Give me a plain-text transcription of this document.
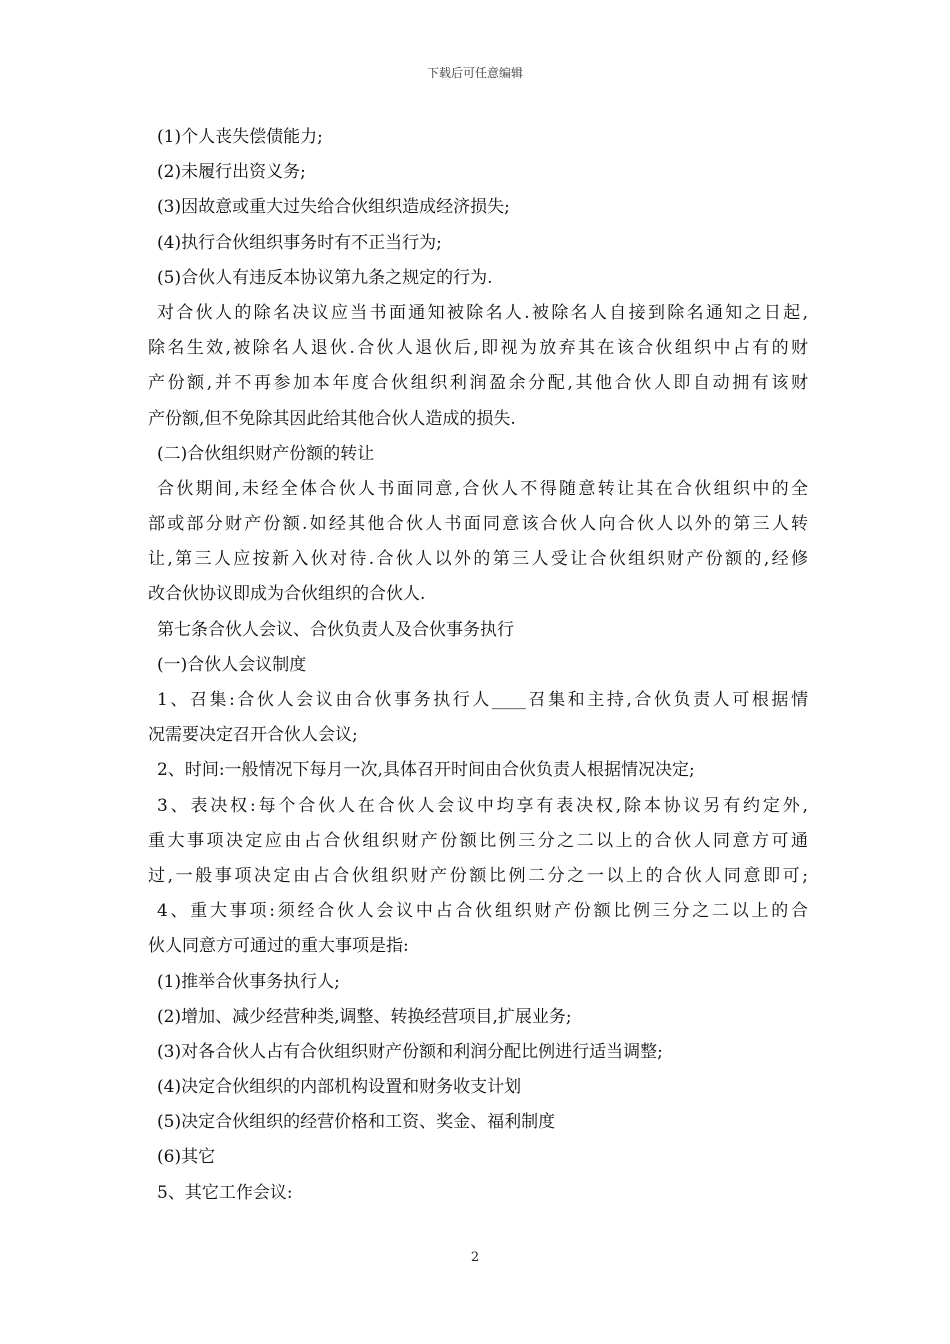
下载后可任意编辑
(1)个人丧失偿债能力;
(2)未履行出资义务;
(3)因故意或重大过失给合伙组织造成经济损失;
(4)执行合伙组织事务时有不正当行为;
(5)合伙人有违反本协议第九条之规定的行为.
对合伙人的除名决议应当书面通知被除名人.被除名人自接到除名通知之日起,
除名生效,被除名人退伙.合伙人退伙后,即视为放弃其在该合伙组织中占有的财
产份额,并不再参加本年度合伙组织利润盈余分配,其他合伙人即自动拥有该财
产份额,但不免除其因此给其他合伙人造成的损失.
(二)合伙组织财产份额的转让
合伙期间,未经全体合伙人书面同意,合伙人不得随意转让其在合伙组织中的全
部或部分财产份额.如经其他合伙人书面同意该合伙人向合伙人以外的第三人转
让,第三人应按新入伙对待.合伙人以外的第三人受让合伙组织财产份额的,经修
改合伙协议即成为合伙组织的合伙人.
第七条合伙人会议、合伙负责人及合伙事务执行
(一)合伙人会议制度
1、召集:合伙人会议由合伙事务执行人____召集和主持,合伙负责人可根据情
况需要决定召开合伙人会议;
2、时间:一般情况下每月一次,具体召开时间由合伙负责人根据情况决定;
3、表决权:每个合伙人在合伙人会议中均享有表决权,除本协议另有约定外,
重大事项决定应由占合伙组织财产份额比例三分之二以上的合伙人同意方可通
过,一般事项决定由占合伙组织财产份额比例二分之一以上的合伙人同意即可;
4、重大事项:须经合伙人会议中占合伙组织财产份额比例三分之二以上的合
伙人同意方可通过的重大事项是指:
(1)推举合伙事务执行人;
(2)增加、减少经营种类,调整、转换经营项目,扩展业务;
(3)对各合伙人占有合伙组织财产份额和利润分配比例进行适当调整;
(4)决定合伙组织的内部机构设置和财务收支计划
(5)决定合伙组织的经营价格和工资、奖金、福利制度
(6)其它
5、其它工作会议:
2
